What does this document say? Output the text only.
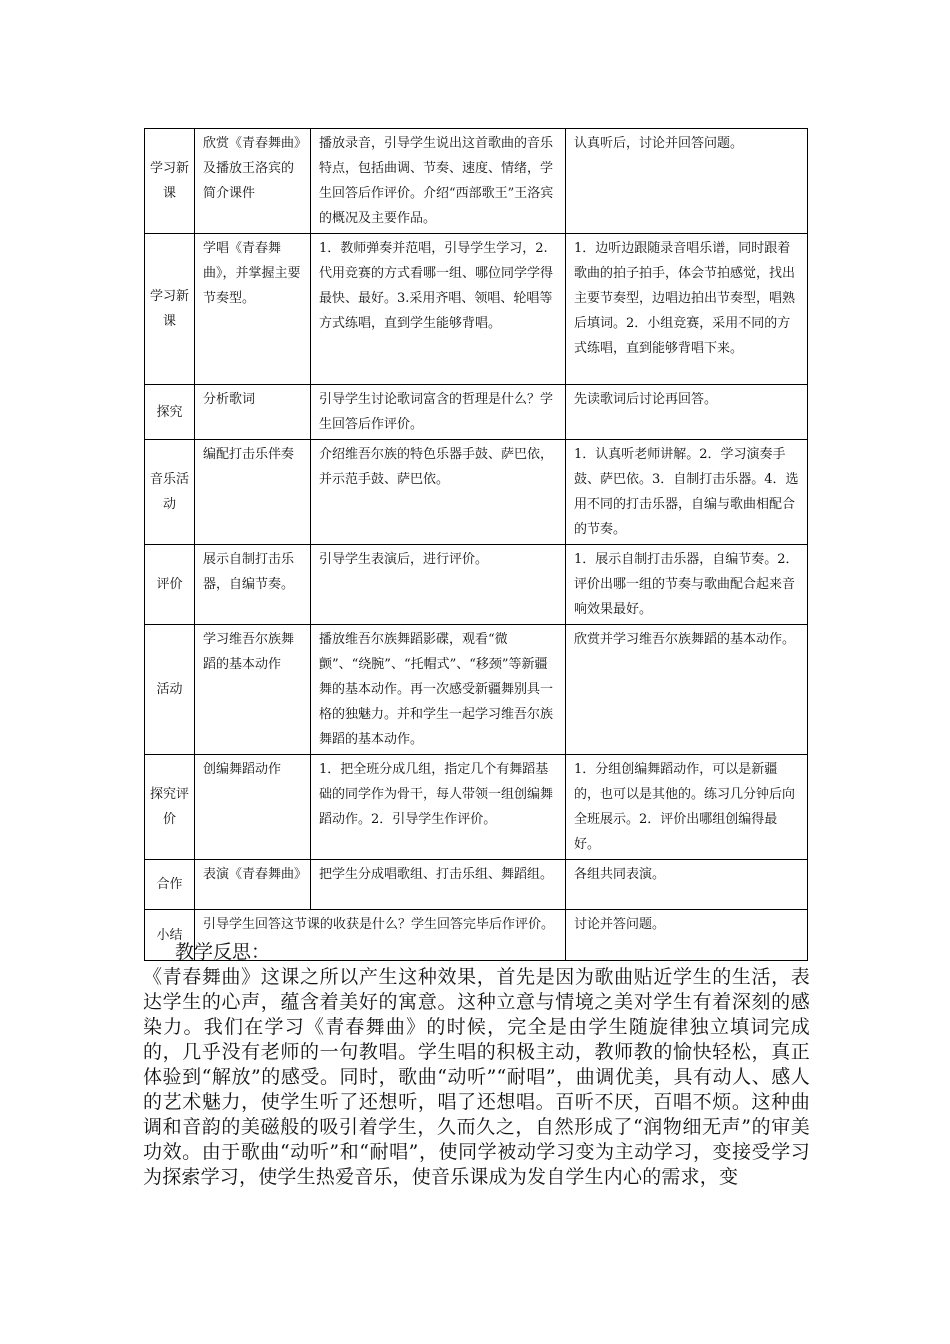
学习新课	欣赏《青春舞曲》及播放王洛宾的简介课件	播放录音，引导学生说出这首歌曲的音乐特点，包括曲调、节奏、速度、情绪，学生回答后作评价。介绍“西部歌王”王洛宾的概况及主要作品。	认真听后，讨论并回答问题。
学习新课	学唱《青春舞曲》，并掌握主要节奏型。	1．教师弹奏并范唱，引导学生学习，2.代用竞赛的方式看哪一组、哪位同学学得最快、最好。3.采用齐唱、领唱、轮唱等方式练唱，直到学生能够背唱。	1．边听边跟随录音唱乐谱，同时跟着歌曲的拍子拍手，体会节拍感觉，找出主要节奏型，边唱边拍出节奏型，唱熟后填词。2．小组竞赛，采用不同的方式练唱，直到能够背唱下来。
探究	分析歌词	引导学生讨论歌词富含的哲理是什么？学生回答后作评价。	先读歌词后讨论再回答。
音乐活动	编配打击乐伴奏	介绍维吾尔族的特色乐器手鼓、萨巴依，并示范手鼓、萨巴依。	1．认真听老师讲解。2．学习演奏手鼓、萨巴依。3．自制打击乐器。4．选用不同的打击乐器，自编与歌曲相配合的节奏。
评价	展示自制打击乐器，自编节奏。	引导学生表演后，进行评价。	1．展示自制打击乐器，自编节奏。2．评价出哪一组的节奏与歌曲配合起来音响效果最好。
活动	学习维吾尔族舞蹈的基本动作	播放维吾尔族舞蹈影碟，观看“微颤”、“绕腕”、“托帽式”、“移颈”等新疆舞的基本动作。再一次感受新疆舞别具一格的独魅力。并和学生一起学习维吾尔族舞蹈的基本动作。	欣赏并学习维吾尔族舞蹈的基本动作。
探究评价	创编舞蹈动作	1．把全班分成几组，指定几个有舞蹈基础的同学作为骨干，每人带领一组创编舞蹈动作。2．引导学生作评价。	1．分组创编舞蹈动作，可以是新疆的，也可以是其他的。练习几分钟后向全班展示。2．评价出哪组创编得最好。
合作	表演《青春舞曲》	把学生分成唱歌组、打击乐组、舞蹈组。	各组共同表演。
小结	引导学生回答这节课的收获是什么？学生回答完毕后作评价。		讨论并答问题。

教学反思：

《青春舞曲》这课之所以产生这种效果，首先是因为歌曲贴近学生的生活，表达学生的心声，蕴含着美好的寓意。这种立意与情境之美对学生有着深刻的感染力。我们在学习《青春舞曲》的时候，完全是由学生随旋律独立填词完成的，几乎没有老师的一句教唱。学生唱的积极主动，教师教的愉快轻松，真正体验到“解放”的感受。同时，歌曲“动听”“耐唱”，曲调优美，具有动人、感人的艺术魅力，使学生听了还想听，唱了还想唱。百听不厌，百唱不烦。这种曲调和音韵的美磁般的吸引着学生，久而久之，自然形成了“润物细无声”的审美功效。由于歌曲“动听”和“耐唱”，使同学被动学习变为主动学习，变接受学习为探索学习，使学生热爱音乐，使音乐课成为发自学生内心的需求，变
